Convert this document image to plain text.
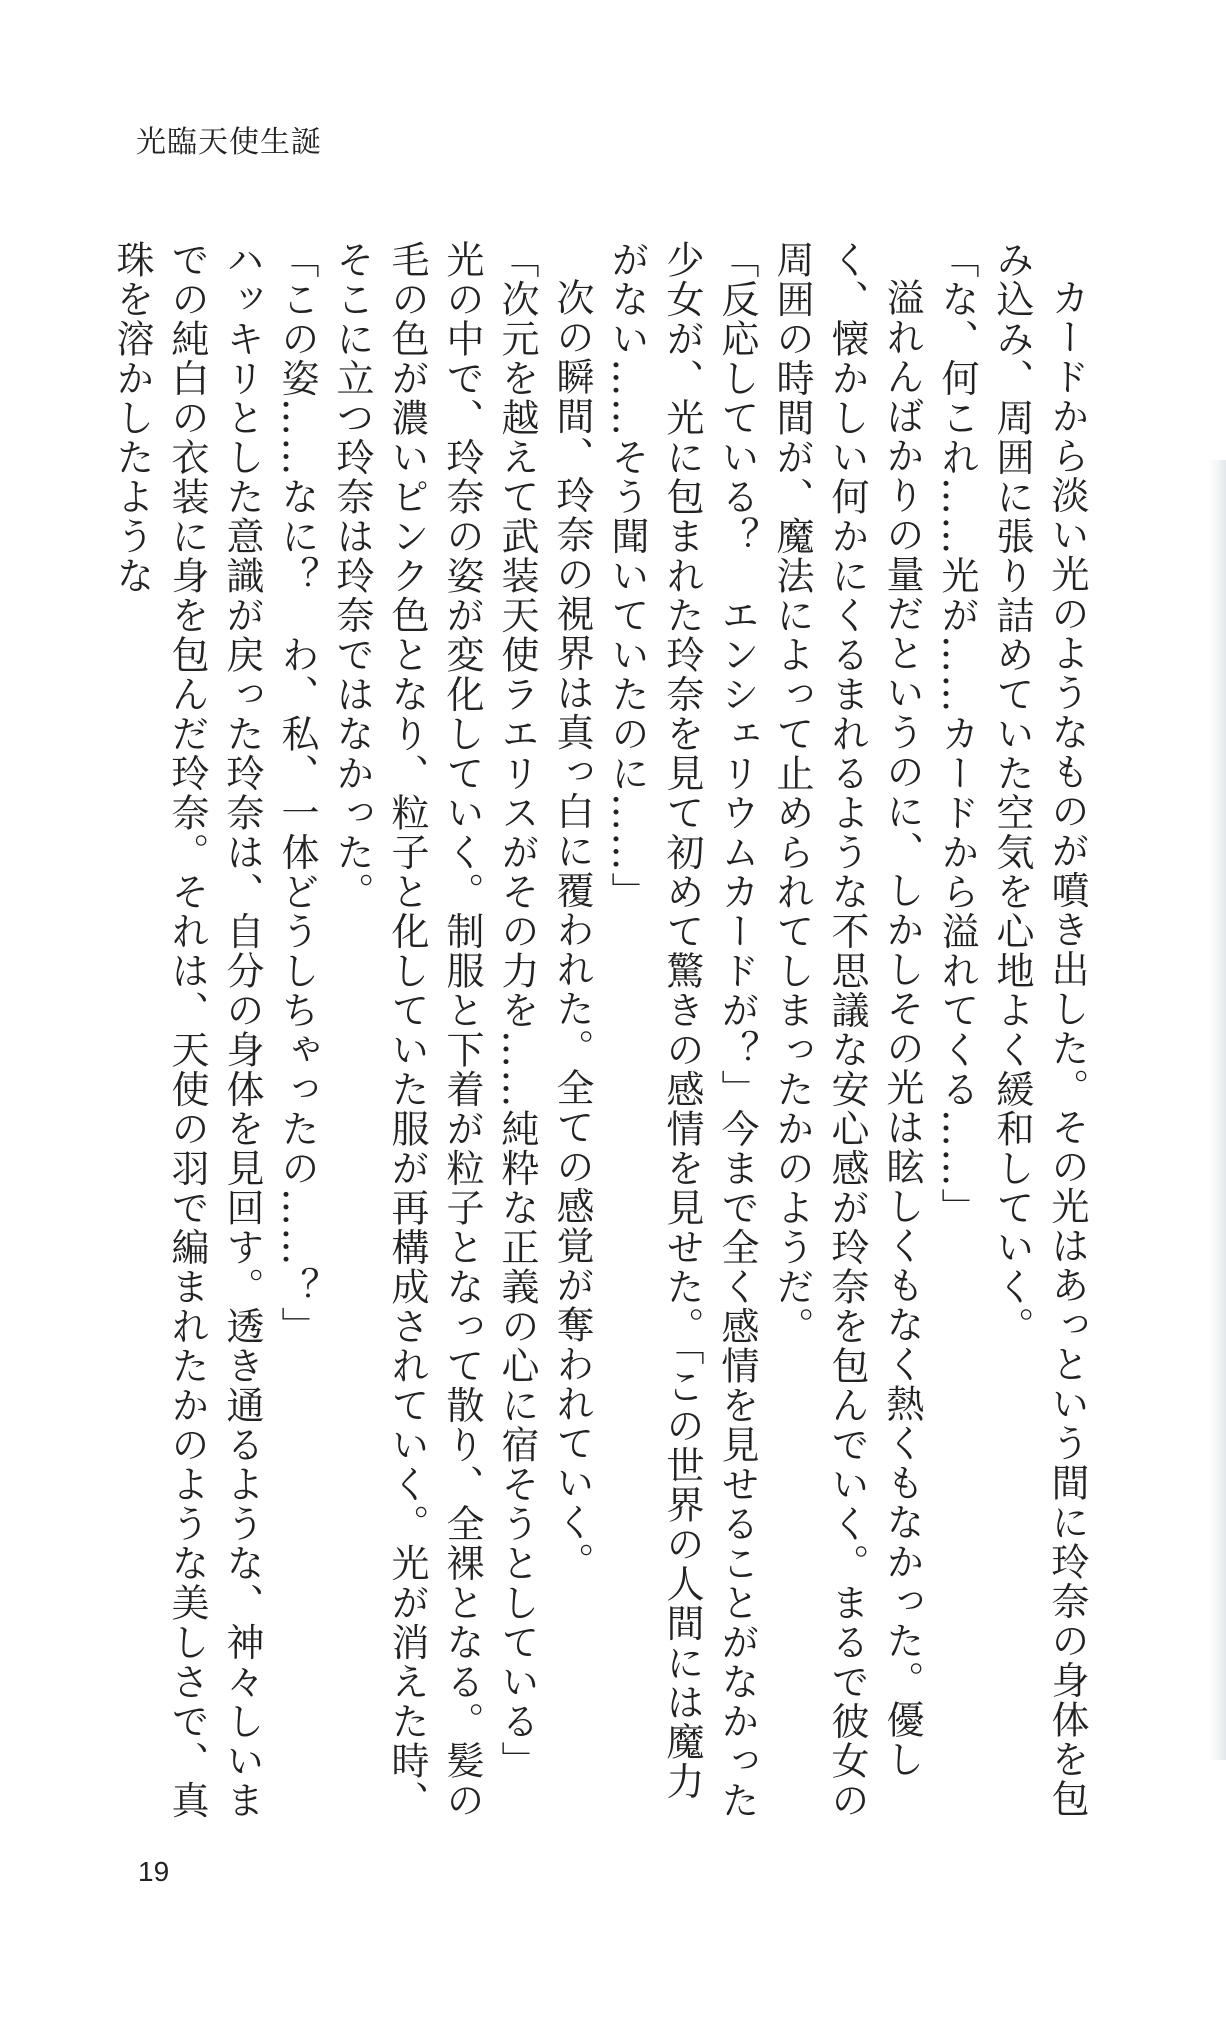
光臨天使生誕

カードから淡い光のようなものが噴き出した。その光はあっという間に玲奈の身体を包み込み、周囲に張り詰めていた空気を心地よく緩和していく。

「な、何これ……光が……カードから溢れてくる……」

溢れんばかりの量だというのに、しかしその光は眩しくもなく熱くもなかった。優しく、懐かしい何かにくるまれるような不思議な安心感が玲奈を包んでいく。まるで彼女の周囲の時間が、魔法によって止められてしまったかのようだ。

「反応している？　エンシェリウムカードが？」今まで全く感情を見せることがなかった少女が、光に包まれた玲奈を見て初めて驚きの感情を見せた。「この世界の人間には魔力がない……そう聞いていたのに……」

次の瞬間、玲奈の視界は真っ白に覆われた。全ての感覚が奪われていく。

「次元を越えて武装天使ラエリスがその力を……純粋な正義の心に宿そうとしている」

光の中で、玲奈の姿が変化していく。制服と下着が粒子となって散り、全裸となる。髪の毛の色が濃いピンク色となり、粒子と化していた服が再構成されていく。光が消えた時、そこに立つ玲奈は玲奈ではなかった。

「この姿……なに？　わ、私、一体どうしちゃったの……？」

ハッキリとした意識が戻った玲奈は、自分の身体を見回す。透き通るような、神々しいまでの純白の衣装に身を包んだ玲奈。それは、天使の羽で編まれたかのような美しさで、真珠を溶かしたような

19
